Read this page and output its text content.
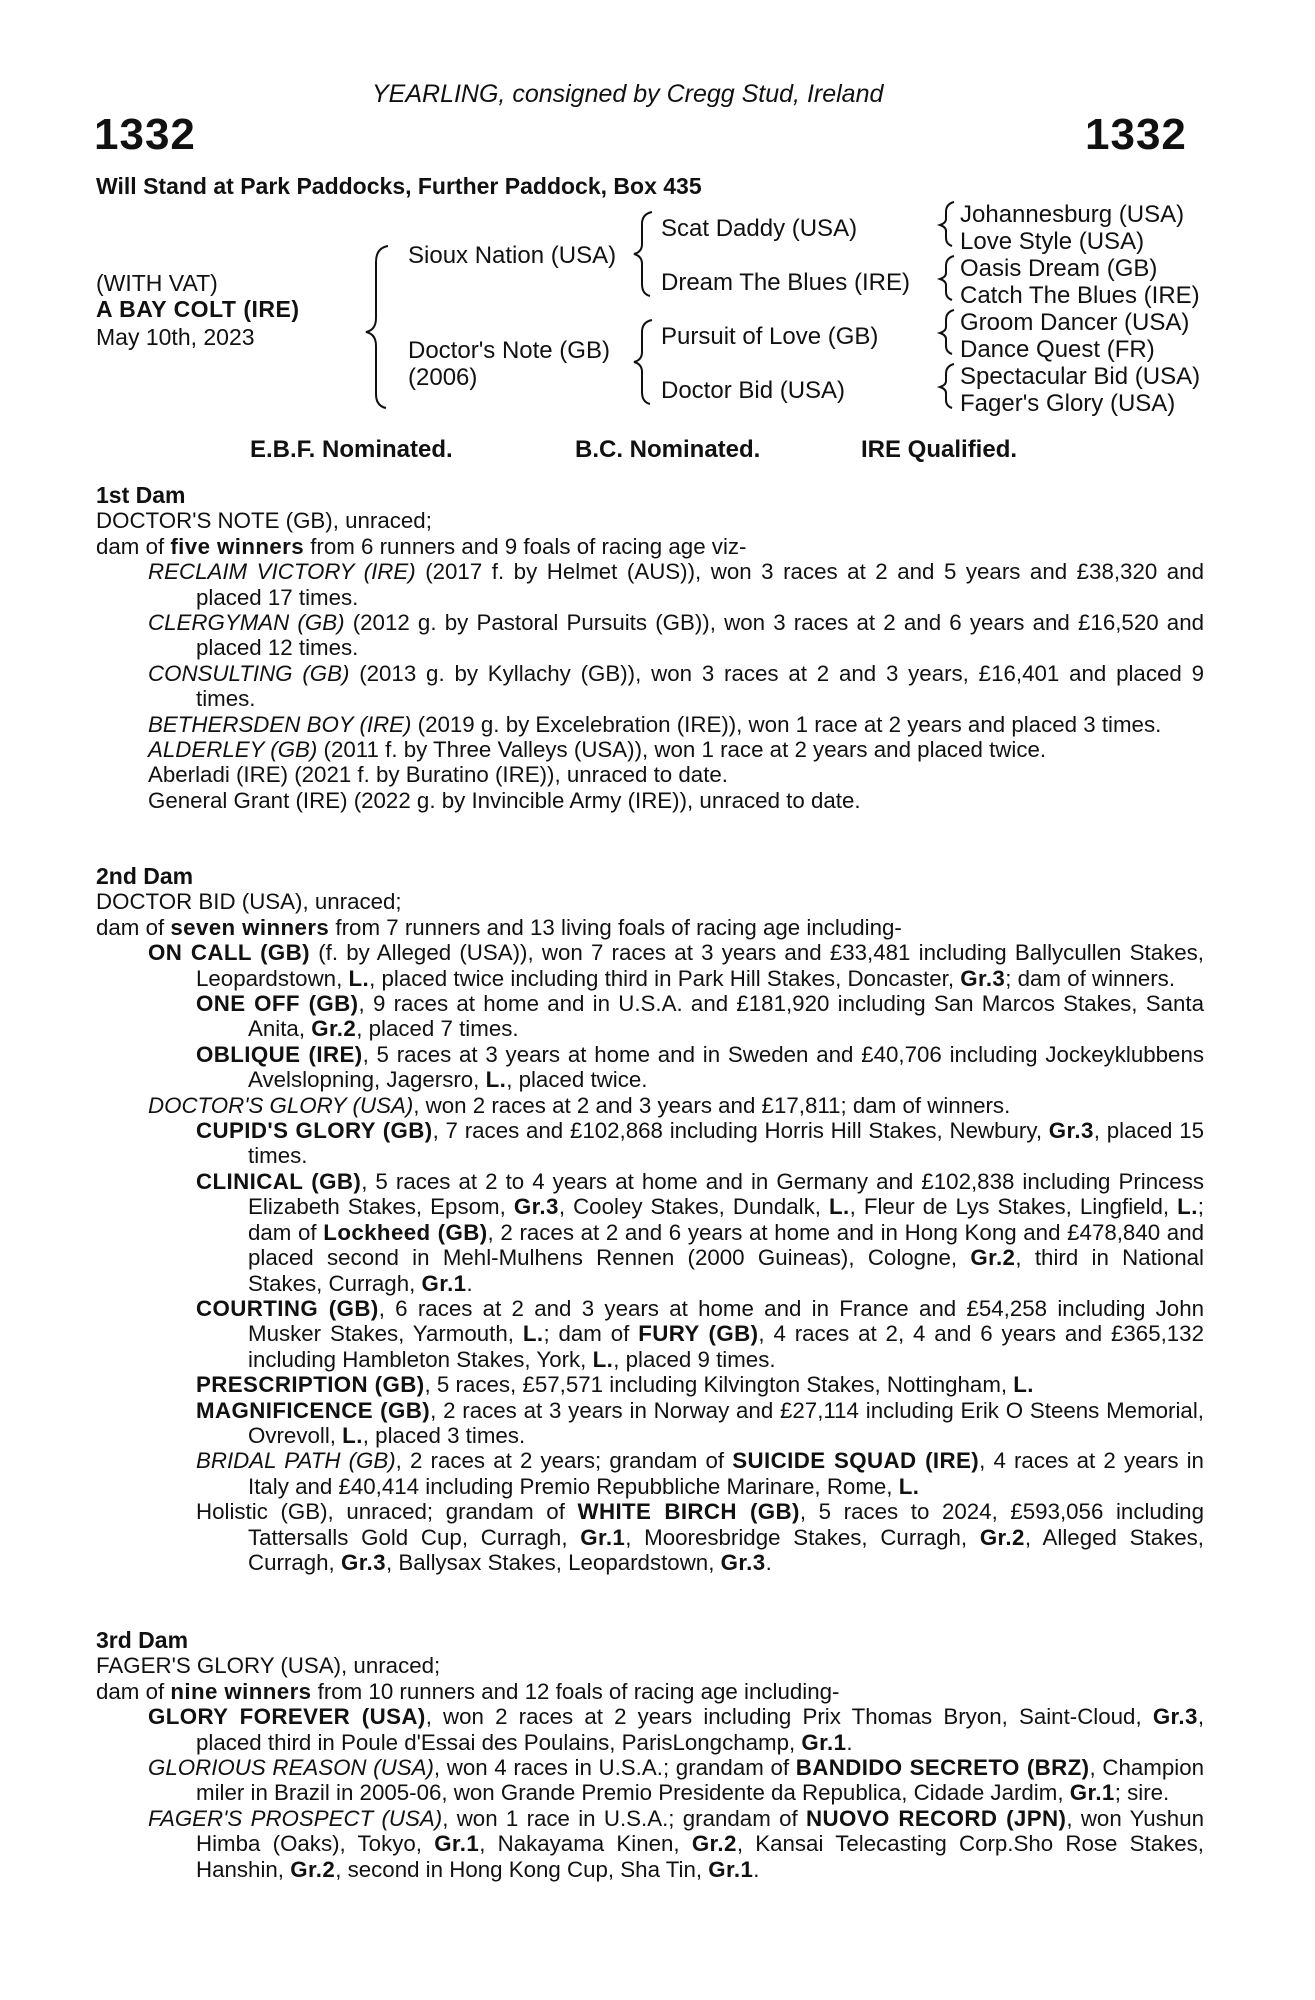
YEARLING, consigned by Cregg Stud, Ireland
1332	1332
Will Stand at Park Paddocks, Further Paddock, Box 435
(WITH VAT)
A BAY COLT (IRE)
May 10th, 2023
Sioux Nation (USA)
Doctor's Note (GB)
(2006)
Scat Daddy (USA)
Dream The Blues (IRE)
Pursuit of Love (GB)
Doctor Bid (USA)
Johannesburg (USA)
Love Style (USA)
Oasis Dream (GB)
Catch The Blues (IRE)
Groom Dancer (USA)
Dance Quest (FR)
Spectacular Bid (USA)
Fager's Glory (USA)
E.B.F. Nominated.	B.C. Nominated.	IRE Qualified.
1st Dam
DOCTOR'S NOTE (GB), unraced;
dam of five winners from 6 runners and 9 foals of racing age viz-
RECLAIM VICTORY (IRE) (2017 f. by Helmet (AUS)), won 3 races at 2 and 5 years and £38,320 and placed 17 times.
CLERGYMAN (GB) (2012 g. by Pastoral Pursuits (GB)), won 3 races at 2 and 6 years and £16,520 and placed 12 times.
CONSULTING (GB) (2013 g. by Kyllachy (GB)), won 3 races at 2 and 3 years, £16,401 and placed 9 times.
BETHERSDEN BOY (IRE) (2019 g. by Excelebration (IRE)), won 1 race at 2 years and placed 3 times.
ALDERLEY (GB) (2011 f. by Three Valleys (USA)), won 1 race at 2 years and placed twice.
Aberladi (IRE) (2021 f. by Buratino (IRE)), unraced to date.
General Grant (IRE) (2022 g. by Invincible Army (IRE)), unraced to date.
2nd Dam
DOCTOR BID (USA), unraced;
dam of seven winners from 7 runners and 13 living foals of racing age including-
ON CALL (GB) (f. by Alleged (USA)), won 7 races at 3 years and £33,481 including Ballycullen Stakes, Leopardstown, L., placed twice including third in Park Hill Stakes, Doncaster, Gr.3; dam of winners.
ONE OFF (GB), 9 races at home and in U.S.A. and £181,920 including San Marcos Stakes, Santa Anita, Gr.2, placed 7 times.
OBLIQUE (IRE), 5 races at 3 years at home and in Sweden and £40,706 including Jockeyklubbens Avelslopning, Jagersro, L., placed twice.
DOCTOR'S GLORY (USA), won 2 races at 2 and 3 years and £17,811; dam of winners.
CUPID'S GLORY (GB), 7 races and £102,868 including Horris Hill Stakes, Newbury, Gr.3, placed 15 times.
CLINICAL (GB), 5 races at 2 to 4 years at home and in Germany and £102,838 including Princess Elizabeth Stakes, Epsom, Gr.3, Cooley Stakes, Dundalk, L., Fleur de Lys Stakes, Lingfield, L.; dam of Lockheed (GB), 2 races at 2 and 6 years at home and in Hong Kong and £478,840 and placed second in Mehl-Mulhens Rennen (2000 Guineas), Cologne, Gr.2, third in National Stakes, Curragh, Gr.1.
COURTING (GB), 6 races at 2 and 3 years at home and in France and £54,258 including John Musker Stakes, Yarmouth, L.; dam of FURY (GB), 4 races at 2, 4 and 6 years and £365,132 including Hambleton Stakes, York, L., placed 9 times.
PRESCRIPTION (GB), 5 races, £57,571 including Kilvington Stakes, Nottingham, L.
MAGNIFICENCE (GB), 2 races at 3 years in Norway and £27,114 including Erik O Steens Memorial, Ovrevoll, L., placed 3 times.
BRIDAL PATH (GB), 2 races at 2 years; grandam of SUICIDE SQUAD (IRE), 4 races at 2 years in Italy and £40,414 including Premio Repubbliche Marinare, Rome, L.
Holistic (GB), unraced; grandam of WHITE BIRCH (GB), 5 races to 2024, £593,056 including Tattersalls Gold Cup, Curragh, Gr.1, Mooresbridge Stakes, Curragh, Gr.2, Alleged Stakes, Curragh, Gr.3, Ballysax Stakes, Leopardstown, Gr.3.
3rd Dam
FAGER'S GLORY (USA), unraced;
dam of nine winners from 10 runners and 12 foals of racing age including-
GLORY FOREVER (USA), won 2 races at 2 years including Prix Thomas Bryon, Saint-Cloud, Gr.3, placed third in Poule d'Essai des Poulains, ParisLongchamp, Gr.1.
GLORIOUS REASON (USA), won 4 races in U.S.A.; grandam of BANDIDO SECRETO (BRZ), Champion miler in Brazil in 2005-06, won Grande Premio Presidente da Republica, Cidade Jardim, Gr.1; sire.
FAGER'S PROSPECT (USA), won 1 race in U.S.A.; grandam of NUOVO RECORD (JPN), won Yushun Himba (Oaks), Tokyo, Gr.1, Nakayama Kinen, Gr.2, Kansai Telecasting Corp.Sho Rose Stakes, Hanshin, Gr.2, second in Hong Kong Cup, Sha Tin, Gr.1.
